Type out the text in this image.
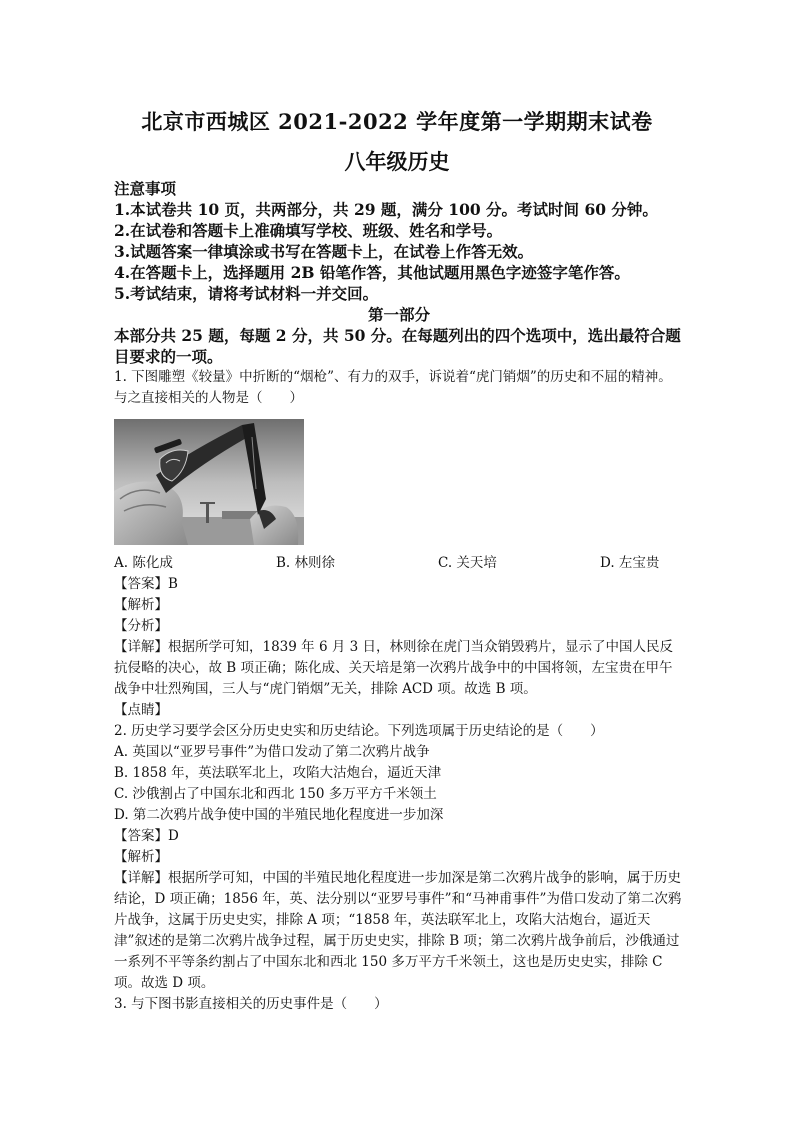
北京市西城区 2021-2022 学年度第一学期期末试卷
八年级历史
注意事项
1.本试卷共 10 页，共两部分，共 29 题，满分 100 分。考试时间 60 分钟。
2.在试卷和答题卡上准确填写学校、班级、姓名和学号。
3.试题答案一律填涂或书写在答题卡上，在试卷上作答无效。
4.在答题卡上，选择题用 2B 铅笔作答，其他试题用黑色字迹签字笔作答。
5.考试结束，请将考试材料一并交回。
第一部分
本部分共 25 题，每题 2 分，共 50 分。在每题列出的四个选项中，选出最符合题目要求的一项。
1. 下图雕塑《较量》中折断的“烟枪”、有力的双手，诉说着“虎门销烟”的历史和不屈的精神。与之直接相关的人物是（　　）
A. 陈化成	B. 林则徐	C. 关天培	D. 左宝贵
【答案】B
【解析】
【分析】
【详解】根据所学可知，1839 年 6 月 3 日，林则徐在虎门当众销毁鸦片，显示了中国人民反抗侵略的决心，故 B 项正确；陈化成、关天培是第一次鸦片战争中的中国将领，左宝贵在甲午战争中壮烈殉国，三人与“虎门销烟”无关，排除 ACD 项。故选 B 项。
【点睛】
2. 历史学习要学会区分历史史实和历史结论。下列选项属于历史结论的是（　　）
A. 英国以“亚罗号事件”为借口发动了第二次鸦片战争
B. 1858 年，英法联军北上，攻陷大沽炮台，逼近天津
C. 沙俄割占了中国东北和西北 150 多万平方千米领土
D. 第二次鸦片战争使中国的半殖民地化程度进一步加深
【答案】D
【解析】
【详解】根据所学可知，中国的半殖民地化程度进一步加深是第二次鸦片战争的影响，属于历史结论，D 项正确；1856 年，英、法分别以“亚罗号事件”和“马神甫事件”为借口发动了第二次鸦片战争，这属于历史史实，排除 A 项；“1858 年，英法联军北上，攻陷大沽炮台，逼近天津”叙述的是第二次鸦片战争过程，属于历史史实，排除 B 项；第二次鸦片战争前后，沙俄通过一系列不平等条约割占了中国东北和西北 150 多万平方千米领土，这也是历史史实，排除 C 项。故选 D 项。
3. 与下图书影直接相关的历史事件是（　　）
